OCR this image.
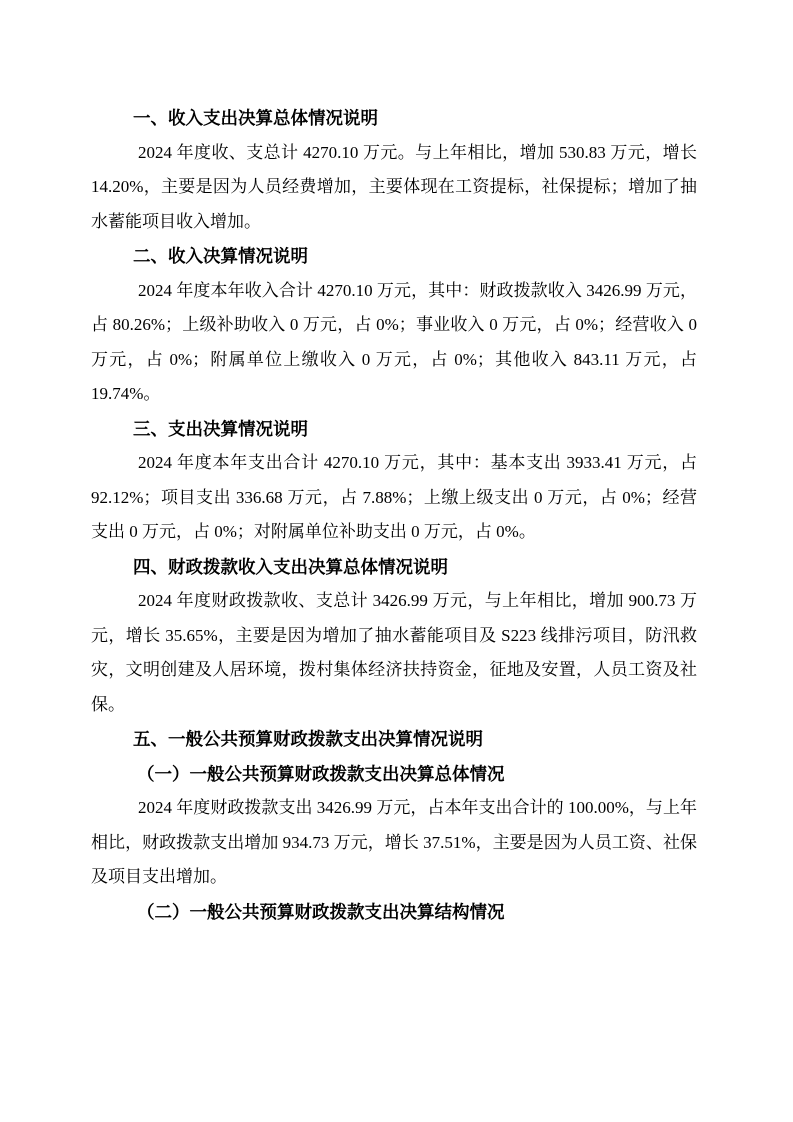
一、收入支出决算总体情况说明

2024 年度收、支总计 4270.10 万元。与上年相比，增加 530.83 万元，增长 14.20%，主要是因为人员经费增加，主要体现在工资提标，社保提标；增加了抽水蓄能项目收入增加。

二、收入决算情况说明

2024 年度本年收入合计 4270.10 万元，其中：财政拨款收入 3426.99 万元，占 80.26%；上级补助收入 0 万元，占 0%；事业收入 0 万元，占 0%；经营收入 0 万元，占 0%；附属单位上缴收入 0 万元，占 0%；其他收入 843.11 万元，占 19.74%。

三、支出决算情况说明

2024 年度本年支出合计 4270.10 万元，其中：基本支出 3933.41 万元，占 92.12%；项目支出 336.68 万元，占 7.88%；上缴上级支出 0 万元，占 0%；经营支出 0 万元，占 0%；对附属单位补助支出 0 万元，占 0%。

四、财政拨款收入支出决算总体情况说明

2024 年度财政拨款收、支总计 3426.99 万元，与上年相比，增加 900.73 万元，增长 35.65%，主要是因为增加了抽水蓄能项目及 S223 线排污项目，防汛救灾，文明创建及人居环境，拨村集体经济扶持资金，征地及安置，人员工资及社保。

五、一般公共预算财政拨款支出决算情况说明
（一）一般公共预算财政拨款支出决算总体情况

2024 年度财政拨款支出 3426.99 万元，占本年支出合计的 100.00%，与上年相比，财政拨款支出增加 934.73 万元，增长 37.51%，主要是因为人员工资、社保及项目支出增加。

（二）一般公共预算财政拨款支出决算结构情况
